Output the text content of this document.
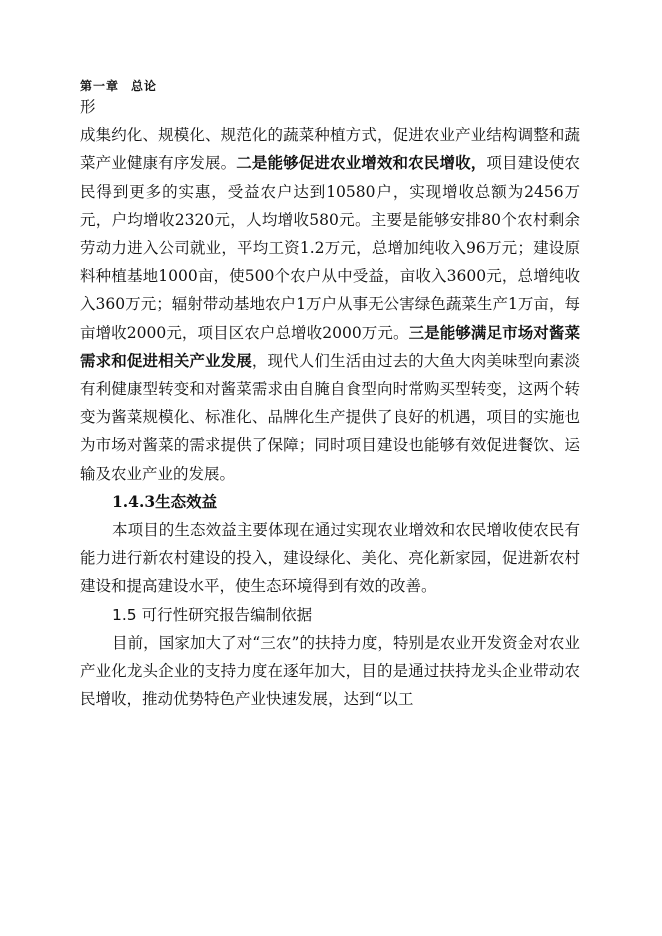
第一章 总论

形

成集约化、规模化、规范化的蔬菜种植方式，促进农业产业结构调整和蔬菜产业健康有序发展。二是能够促进农业增效和农民增收，项目建设使农民得到更多的实惠，受益农户达到10580户，实现增收总额为2456万元，户均增收2320元，人均增收580元。主要是能够安排80个农村剩余劳动力进入公司就业，平均工资1.2万元，总增加纯收入96万元；建设原料种植基地1000亩，使500个农户从中受益，亩收入3600元，总增纯收入360万元；辐射带动基地农户1万户从事无公害绿色蔬菜生产1万亩，每亩增收2000元，项目区农户总增收2000万元。三是能够满足市场对酱菜需求和促进相关产业发展，现代人们生活由过去的大鱼大肉美味型向素淡有利健康型转变和对酱菜需求由自腌自食型向时常购买型转变，这两个转变为酱菜规模化、标准化、品牌化生产提供了良好的机遇，项目的实施也为市场对酱菜的需求提供了保障；同时项目建设也能够有效促进餐饮、运输及农业产业的发展。

1.4.3生态效益

本项目的生态效益主要体现在通过实现农业增效和农民增收使农民有能力进行新农村建设的投入，建设绿化、美化、亮化新家园，促进新农村建设和提高建设水平，使生态环境得到有效的改善。

1.5 可行性研究报告编制依据

目前，国家加大了对“三农”的扶持力度，特别是农业开发资金对农业产业化龙头企业的支持力度在逐年加大，目的是通过扶持龙头企业带动农民增收，推动优势特色产业快速发展，达到“以工
